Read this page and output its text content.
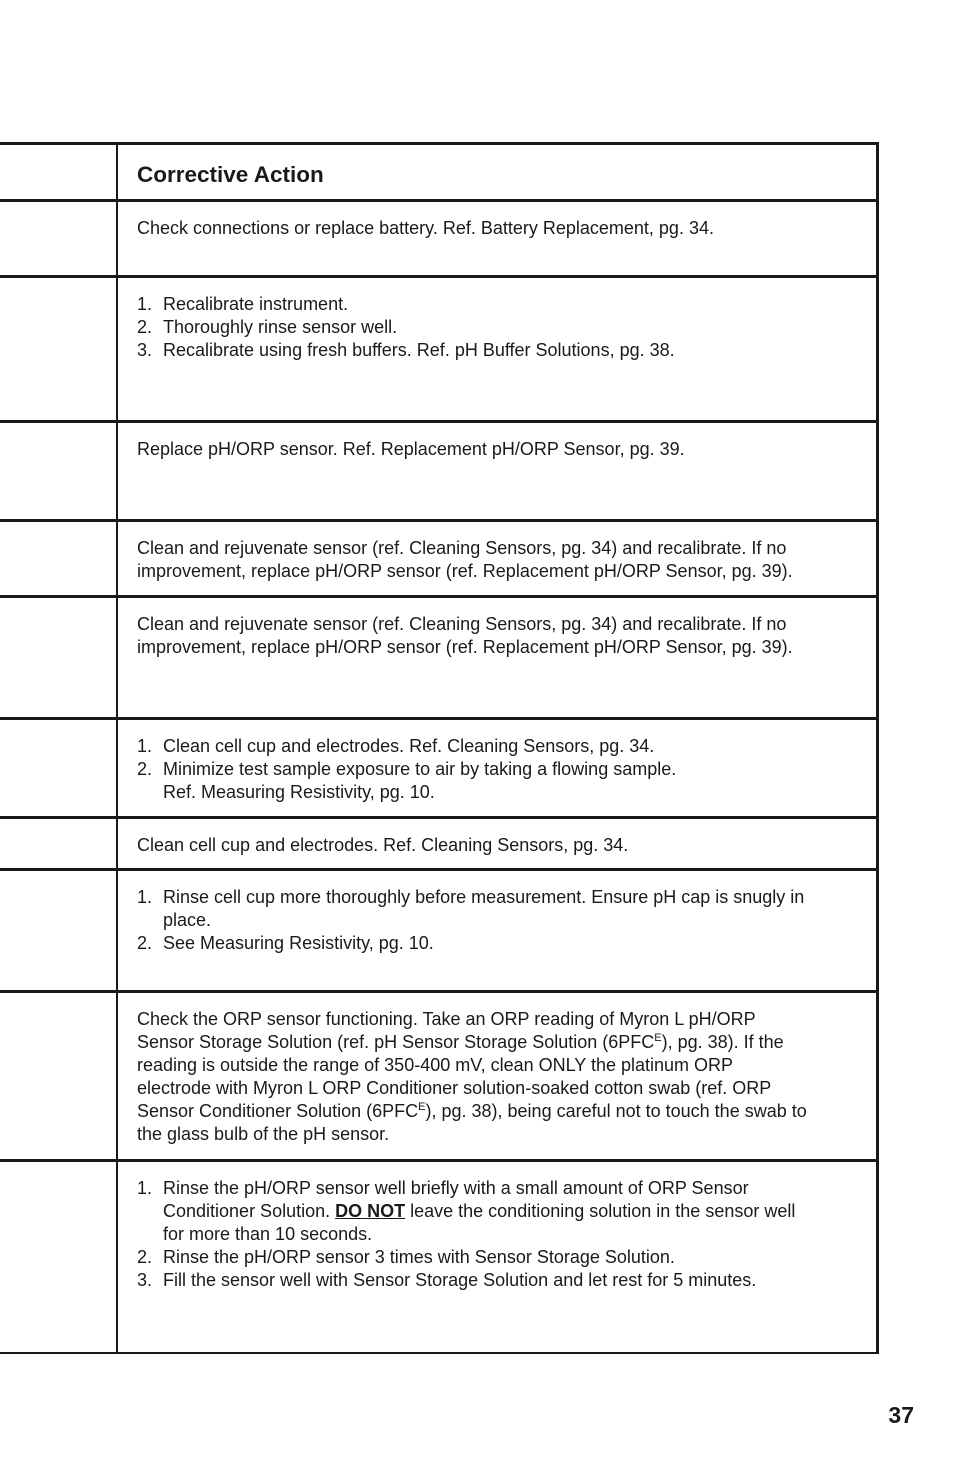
Corrective Action

Check connections or replace battery. Ref. Battery Replacement, pg. 34.

1. Recalibrate instrument.
2. Thoroughly rinse sensor well.
3. Recalibrate using fresh buffers. Ref. pH Buffer Solutions, pg. 38.

Replace pH/ORP sensor. Ref. Replacement pH/ORP Sensor, pg. 39.

Clean and rejuvenate sensor (ref. Cleaning Sensors, pg. 34) and recalibrate. If no
improvement, replace pH/ORP sensor (ref. Replacement pH/ORP Sensor, pg. 39).

Clean and rejuvenate sensor (ref. Cleaning Sensors, pg. 34) and recalibrate. If no
improvement, replace pH/ORP sensor (ref. Replacement pH/ORP Sensor, pg. 39).

1. Clean cell cup and electrodes. Ref. Cleaning Sensors, pg. 34.
2. Minimize test sample exposure to air by taking a flowing sample.
Ref. Measuring Resistivity, pg. 10.

Clean cell cup and electrodes. Ref. Cleaning Sensors, pg. 34.

1. Rinse cell cup more thoroughly before measurement. Ensure pH cap is snugly in
place.
2. See Measuring Resistivity, pg. 10.

Check the ORP sensor functioning. Take an ORP reading of Myron L pH/ORP
Sensor Storage Solution (ref. pH Sensor Storage Solution $(6PFC^E)$, pg. 38). If the
reading is outside the range of 350-400 mV, clean ONLY the platinum ORP
electrode with Myron L ORP Conditioner solution-soaked cotton swab (ref. ORP
Sensor Conditioner Solution $(6PFC^E)$, pg. 38), being careful not to touch the swab to
the glass bulb of the pH sensor.

1. Rinse the pH/ORP sensor well briefly with a small amount of ORP Sensor
Conditioner Solution. DO NOT leave the conditioning solution in the sensor well
for more than 10 seconds.
2. Rinse the pH/ORP sensor 3 times with Sensor Storage Solution.
3. Fill the sensor well with Sensor Storage Solution and let rest for 5 minutes.
37
